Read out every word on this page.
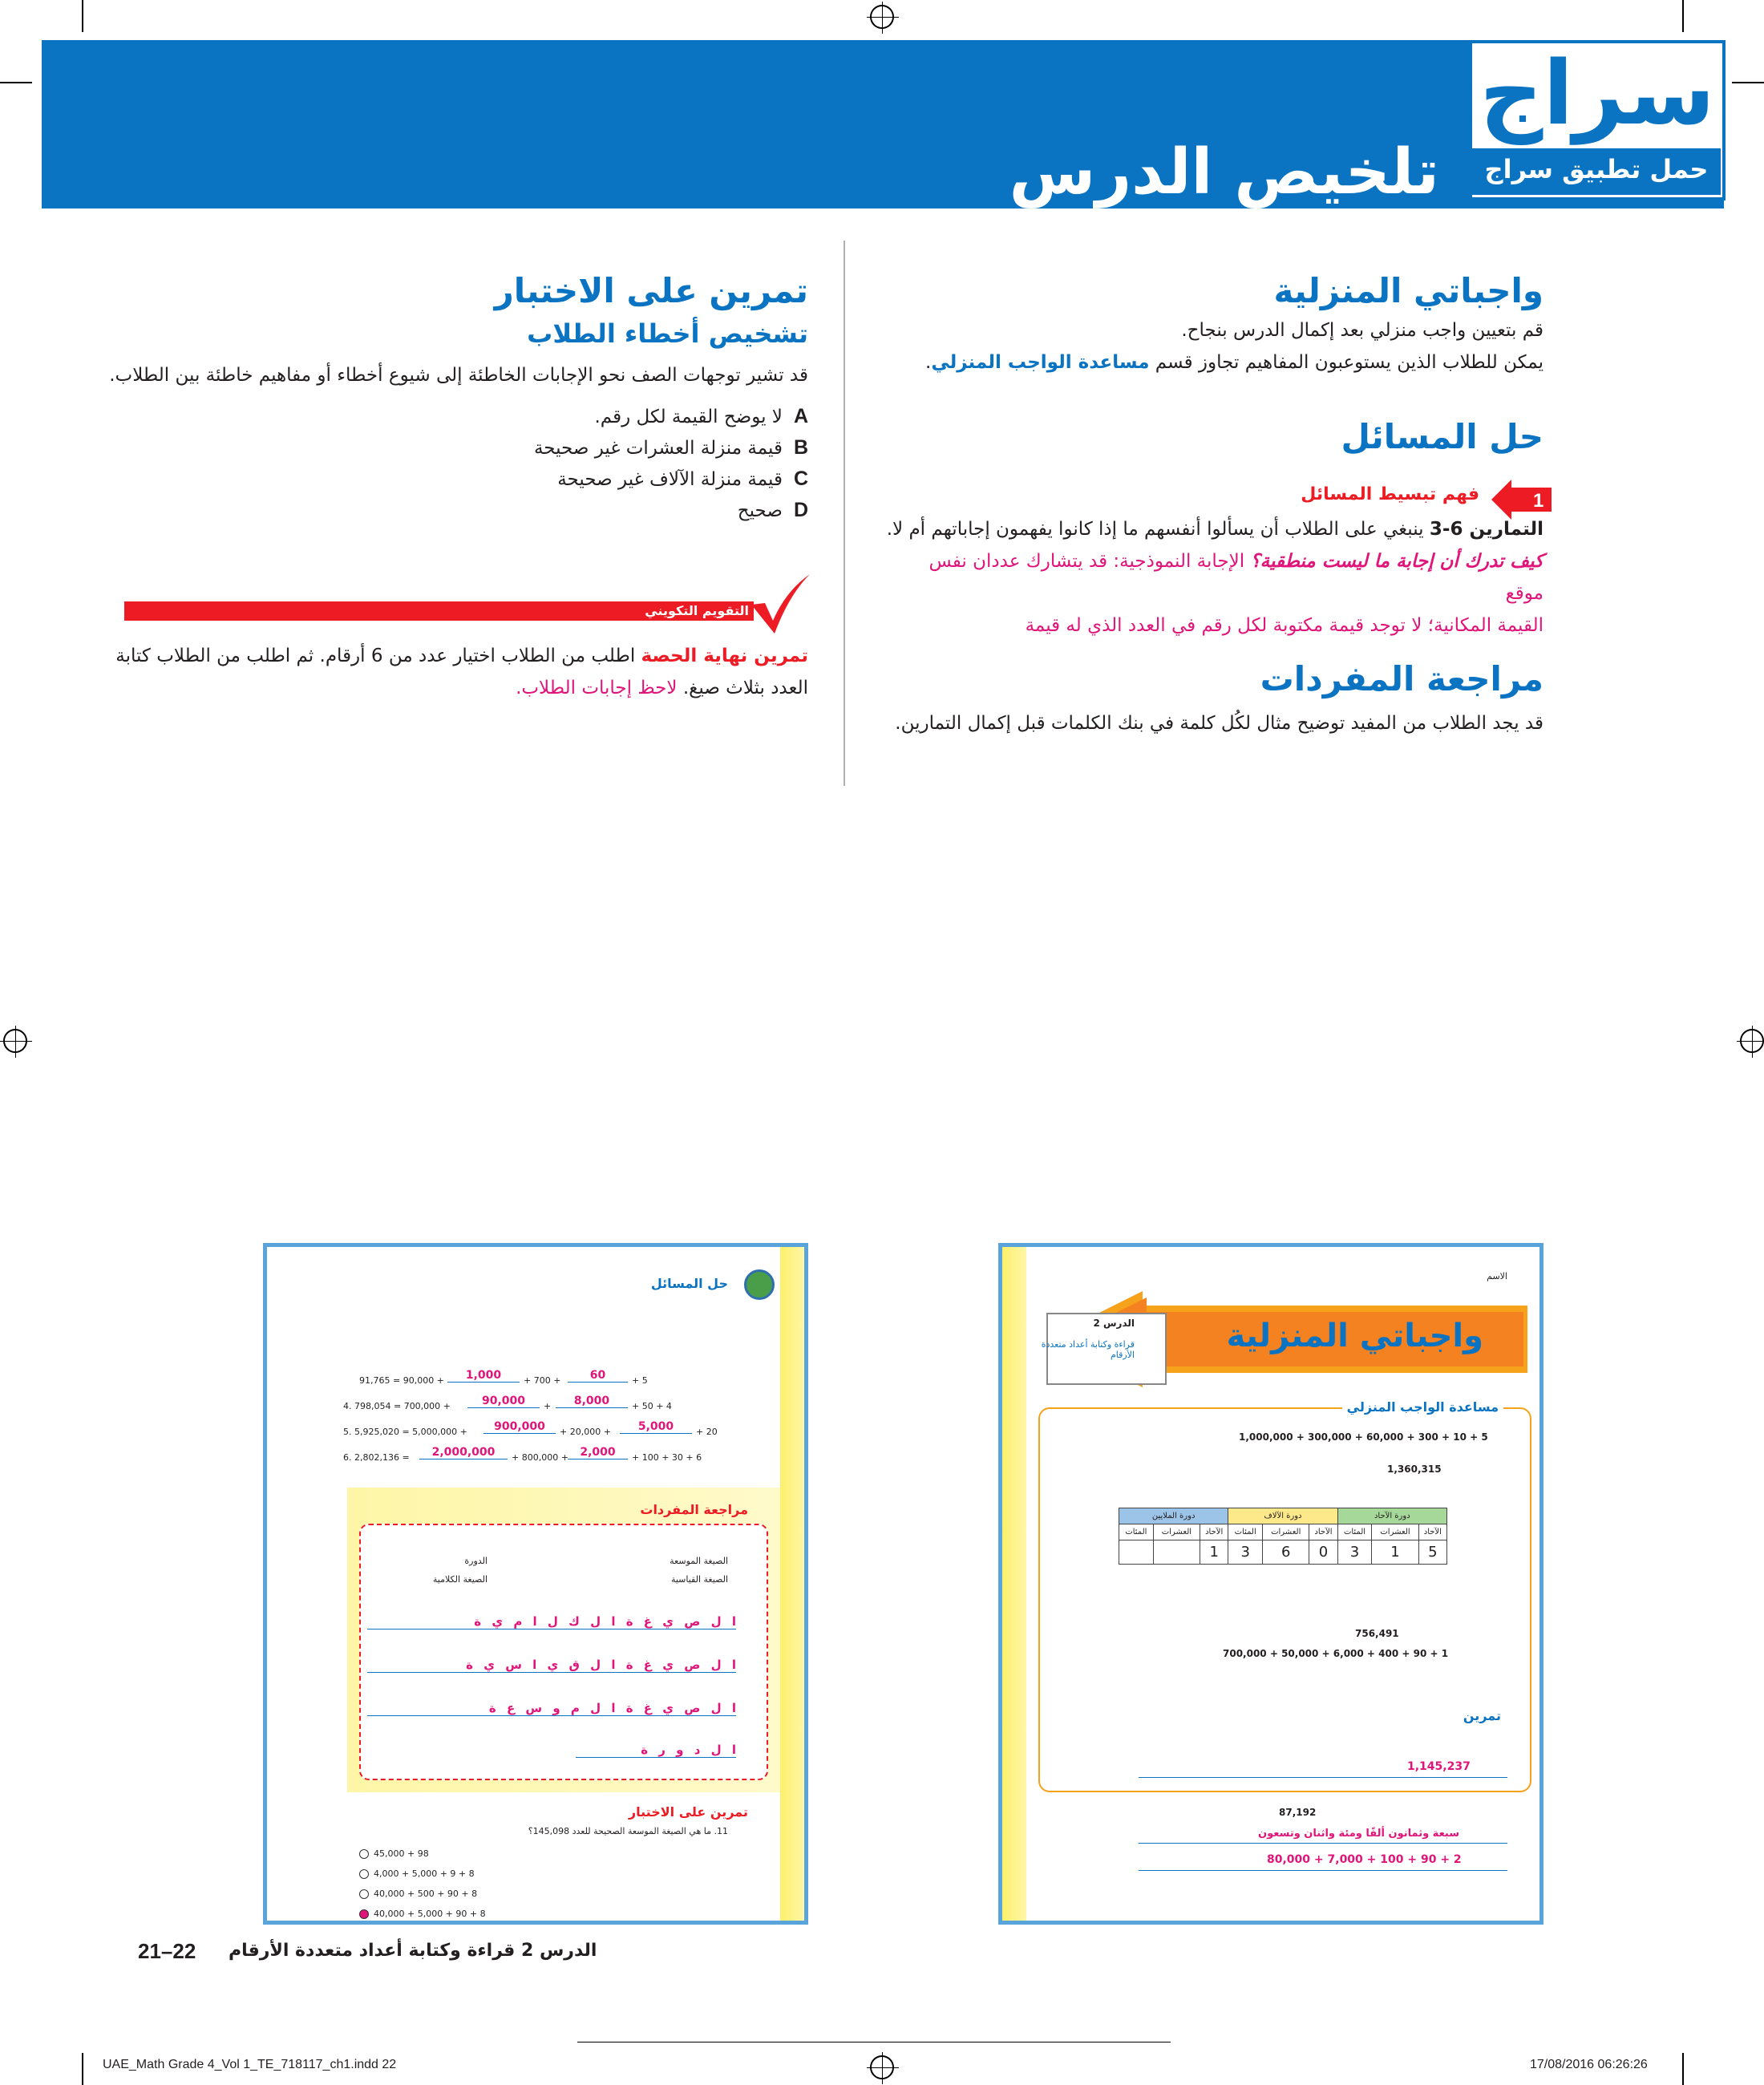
تلخيص الدرس
سراج
حمل تطبيق سراج
واجباتي المنزلية
قم بتعيين واجب منزلي بعد إكمال الدرس بنجاح.
يمكن للطلاب الذين يستوعبون المفاهيم تجاوز قسم مساعدة الواجب المنزلي.
حل المسائل
1
فهم تبسيط المسائل
التمارين 6-3 ينبغي على الطلاب أن يسألوا أنفسهم ما إذا كانوا يفهمون إجاباتهم أم لا.
كيف تدرك أن إجابة ما ليست منطقية؟ الإجابة النموذجية: قد يتشارك عددان نفس موقع
القيمة المكانية؛ لا توجد قيمة مكتوبة لكل رقم في العدد الذي له قيمة
مراجعة المفردات
قد يجد الطلاب من المفيد توضيح مثال لكُل كلمة في بنك الكلمات قبل إكمال التمارين.
تمرين على الاختبار
تشخيص أخطاء الطلاب
قد تشير توجهات الصف نحو الإجابات الخاطئة إلى شيوع أخطاء أو مفاهيم خاطئة بين الطلاب.
Aلا يوضح القيمة لكل رقم.
Bقيمة منزلة العشرات غير صحيحة
Cقيمة منزلة الآلاف غير صحيحة
Dصحيح
التقويم التكويني
تمرين نهاية الحصة اطلب من الطلاب اختيار عدد من 6 أرقام. ثم اطلب من الطلاب كتابة
العدد بثلاث صيغ. لاحظ إجابات الطلاب.
الاسم
الدرس 2
قراءة وكتابة أعداد متعددة الأرقام
واجباتي المنزلية
مساعدة الواجب المنزلي
1,000,000 + 300,000 + 60,000 + 300 + 10 + 5
1,360,315
دورة الملايين			دورة الآلاف			دورة الآحاد		
المئات	العشرات	الآحاد	المئات	العشرات	الآحاد	المئات	العشرات	الآحاد
		1	3	6	0	3	1	5
756,491
700,000 + 50,000 + 6,000 + 400 + 90 + 1
تمرين
1,145,237
87,192
سبعة وثمانون ألفًا ومئة واثنان وتسعون
80,000 + 7,000 + 100 + 90 + 2
حل المسائل
91,765 = 90,000 +	1,000	+ 700 +	60	+ 5
4. 798,054 = 700,000 +	90,000	+	8,000	+ 50 + 4
5. 5,925,020 = 5,000,000 +	900,000	+ 20,000 +	5,000	+ 20
6. 2,802,136 =	2,000,000	+ 800,000 +	2,000	+ 100 + 30 + 6
مراجعة المفردات
الصيغة الموسعة
الدورة
الصيغة القياسية
الصيغة الكلامية
ا ل ص ي غ ة ا ل ك ل ا م ي ة
ا ل ص ي غ ة ا ل ق ي ا س ي ة
ا ل ص ي غ ة ا ل م و س ع ة
ا ل د و ر ة
تمرين على الاختبار
11. ما هي الصيغة الموسعة الصحيحة للعدد 145,098؟
45,000 + 98
4,000 + 5,000 + 9 + 8
40,000 + 500 + 90 + 8
40,000 + 5,000 + 90 + 8
21–22 الدرس 2 قراءة وكتابة أعداد متعددة الأرقام
UAE_Math Grade 4_Vol 1_TE_718117_ch1.indd 22	17/08/2016 06:26:26
